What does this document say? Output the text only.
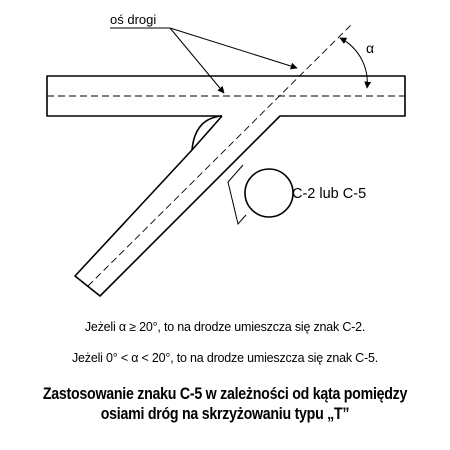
oś drogi
α
C-2 lub C-5
Jeżeli α ≥ 20°, to na drodze umieszcza się znak C-2.
Jeżeli 0° < α < 20°, to na drodze umieszcza się znak C-5.
Zastosowanie znaku C-5 w zależności od kąta pomiędzy
osiami dróg na skrzyżowaniu typu „T”
